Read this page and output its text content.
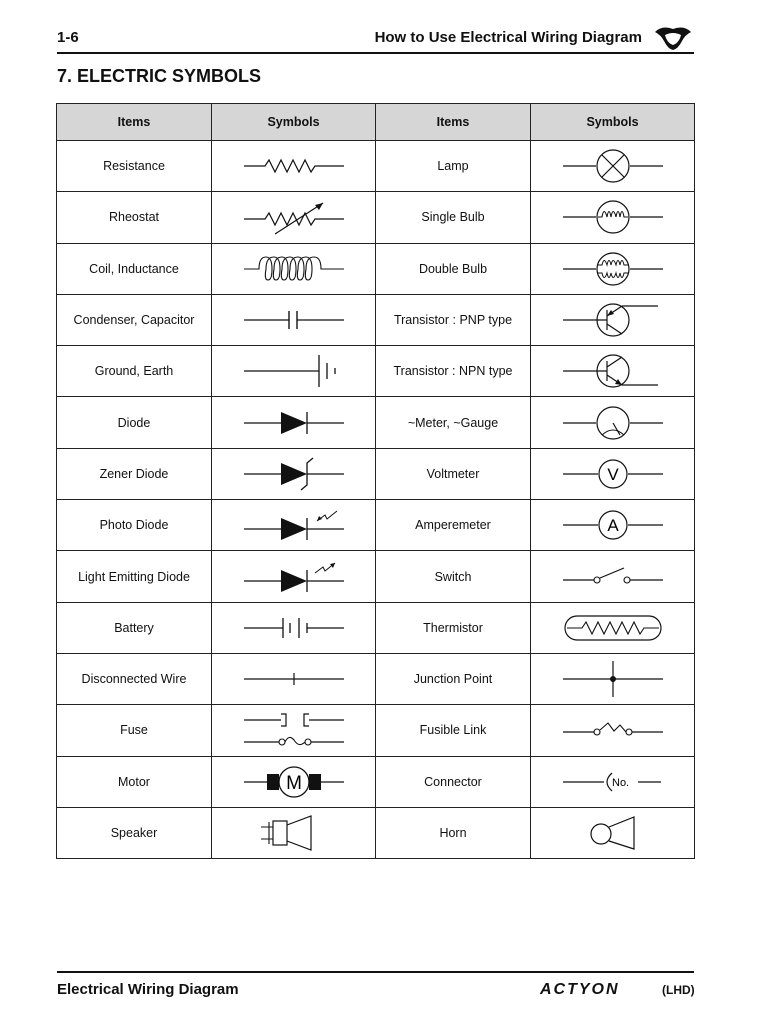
1-6	How to Use Electrical Wiring Diagram
7. ELECTRIC SYMBOLS
Items	Symbols	Items	Symbols
Resistance		Lamp	

Rheostat		Single Bulb	

Coil, Inductance		Double Bulb	

Condenser, Capacitor		Transistor : PNP type	

Ground, Earth		Transistor : NPN type	

Diode		~Meter, ~Gauge	

Zener Diode		Voltmeter	V

Photo Diode		Amperemeter	A

Light Emitting Diode		Switch	

Battery		Thermistor	

Disconnected Wire		Junction Point	

Fuse		Fusible Link	

Motor	M	Connector	No.

Speaker		Horn	
Electrical Wiring Diagram	ACTYON	(LHD)
